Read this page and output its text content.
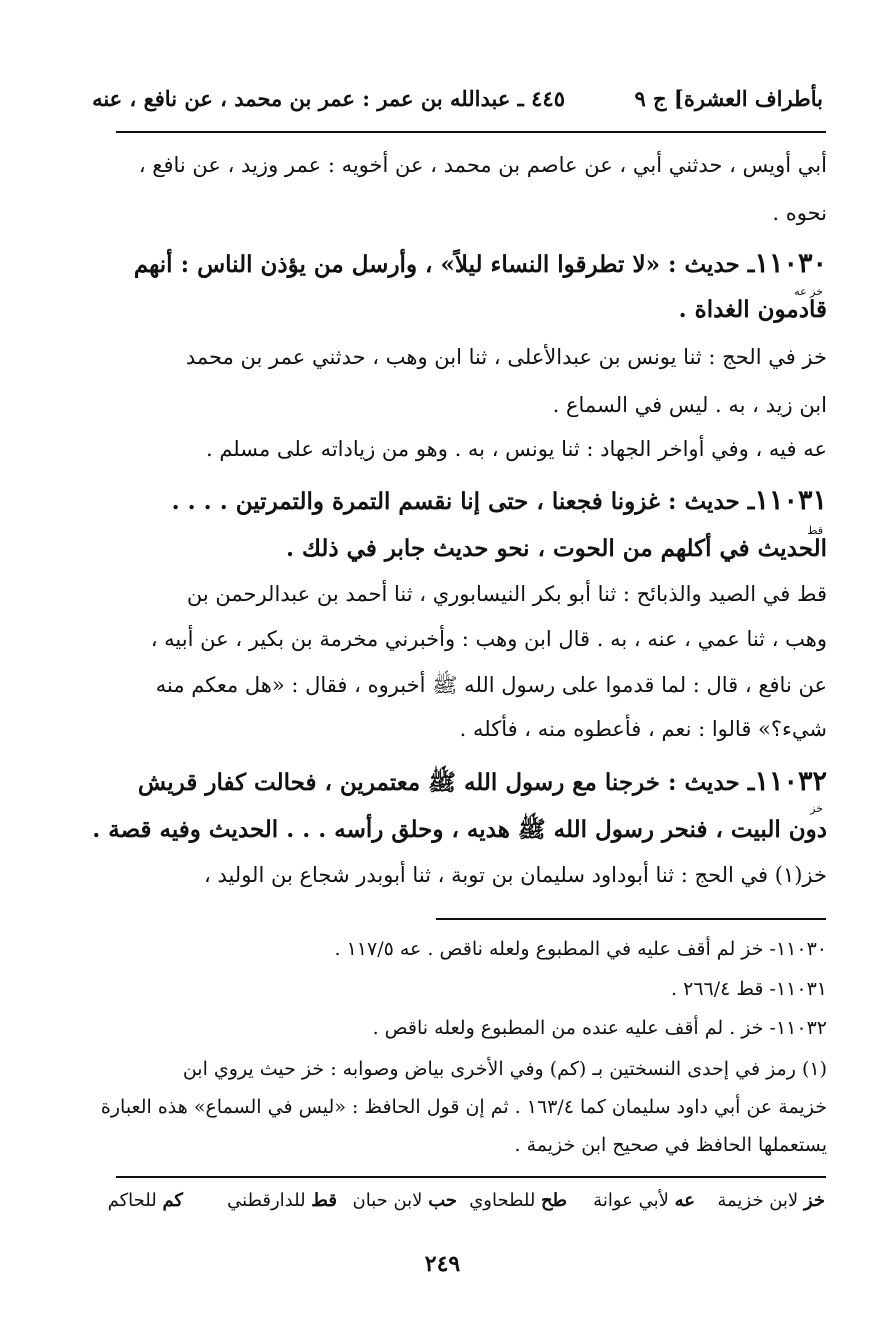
بأطراف العشرة] ج ٩
٤٤٥ ـ عبدالله بن عمر : عمر بن محمد ، عن نافع ، عنه
أبي أويس ، حدثني أبي ، عن عاصم بن محمد ، عن أخويه : عمر وزيد ، عن نافع ،
نحوه .
١١٠٣٠ـ حديث : «لا تطرقوا النساء ليلاً» ، وأرسل من يؤذن الناس : أنهم
خز عه
قادمون الغداة .
خز في الحج : ثنا يونس بن عبدالأعلى ، ثنا ابن وهب ، حدثني عمر بن محمد
ابن زيد ، به . ليس في السماع .
عه فيه ، وفي أواخر الجهاد : ثنا يونس ، به . وهو من زياداته على مسلم .
١١٠٣١ـ حديث : غزونا فجعنا ، حتى إنا نقسم التمرة والتمرتين . . . .
قط
الحديث في أكلهم من الحوت ، نحو حديث جابر في ذلك .
قط في الصيد والذبائح : ثنا أبو بكر النيسابوري ، ثنا أحمد بن عبدالرحمن بن
وهب ، ثنا عمي ، عنه ، به . قال ابن وهب : وأخبرني مخرمة بن بكير ، عن أبيه ،
عن نافع ، قال : لما قدموا على رسول الله ﷺ أخبروه ، فقال : «هل معكم منه
شيء؟» قالوا : نعم ، فأعطوه منه ، فأكله .
١١٠٣٢ـ حديث : خرجنا مع رسول الله ﷺ معتمرين ، فحالت كفار قريش
خز
دون البيت ، فنحر رسول الله ﷺ هديه ، وحلق رأسه . . . الحديث وفيه قصة .
خز(١) في الحج : ثنا أبوداود سليمان بن توبة ، ثنا أبوبدر شجاع بن الوليد ،
١١٠٣٠- خز لم أقف عليه في المطبوع ولعله ناقص . عه ١١٧/٥ .
١١٠٣١- قط ٢٦٦/٤ .
١١٠٣٢- خز . لم أقف عليه عنده من المطبوع ولعله ناقص .
(١) رمز في إحدى النسختين بـ (كم) وفي الأخرى بياض وصوابه : خز حيث يروي ابن
خزيمة عن أبي داود سليمان كما ١٦٣/٤ . ثم إن قول الحافظ : «ليس في السماع» هذه العبارة
يستعملها الحافظ في صحيح ابن خزيمة .
خز لابن خزيمة
عه لأبي عوانة
طح للطحاوي
حب لابن حبان
قط للدارقطني
كم للحاكم
٢٤٩
